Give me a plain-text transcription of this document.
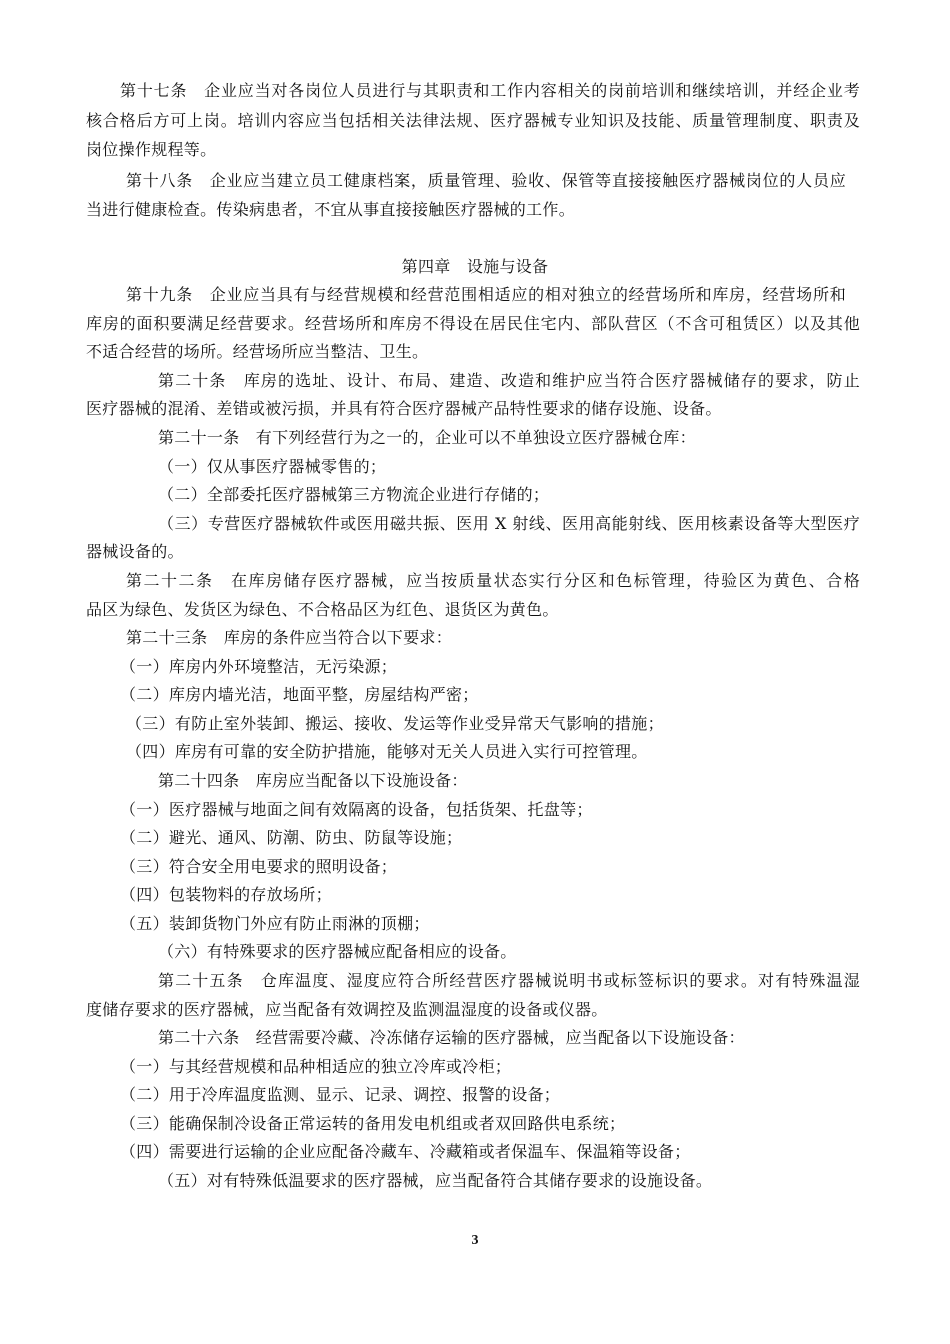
第十七条　企业应当对各岗位人员进行与其职责和工作内容相关的岗前培训和继续培训，并经企业考
核合格后方可上岗。培训内容应当包括相关法律法规、医疗器械专业知识及技能、质量管理制度、职责及
岗位操作规程等。
第十八条　企业应当建立员工健康档案，质量管理、验收、保管等直接接触医疗器械岗位的人员应
当进行健康检查。传染病患者，不宜从事直接接触医疗器械的工作。
第四章　设施与设备
第十九条　企业应当具有与经营规模和经营范围相适应的相对独立的经营场所和库房，经营场所和
库房的面积要满足经营要求。经营场所和库房不得设在居民住宅内、部队营区（不含可租赁区）以及其他
不适合经营的场所。经营场所应当整洁、卫生。
第二十条　库房的选址、设计、布局、建造、改造和维护应当符合医疗器械储存的要求，防止
医疗器械的混淆、差错或被污损，并具有符合医疗器械产品特性要求的储存设施、设备。
第二十一条　有下列经营行为之一的，企业可以不单独设立医疗器械仓库：
（一）仅从事医疗器械零售的；
（二）全部委托医疗器械第三方物流企业进行存储的；
（三）专营医疗器械软件或医用磁共振、医用 X 射线、医用高能射线、医用核素设备等大型医疗
器械设备的。
第二十二条　在库房储存医疗器械，应当按质量状态实行分区和色标管理，待验区为黄色、合格
品区为绿色、发货区为绿色、不合格品区为红色、退货区为黄色。
第二十三条　库房的条件应当符合以下要求：
（一）库房内外环境整洁，无污染源；
（二）库房内墙光洁，地面平整，房屋结构严密；
（三）有防止室外装卸、搬运、接收、发运等作业受异常天气影响的措施；
（四）库房有可靠的安全防护措施，能够对无关人员进入实行可控管理。
第二十四条　库房应当配备以下设施设备：
（一）医疗器械与地面之间有效隔离的设备，包括货架、托盘等；
（二）避光、通风、防潮、防虫、防鼠等设施；
（三）符合安全用电要求的照明设备；
（四）包装物料的存放场所；
（五）装卸货物门外应有防止雨淋的顶棚；
（六）有特殊要求的医疗器械应配备相应的设备。
第二十五条　仓库温度、湿度应符合所经营医疗器械说明书或标签标识的要求。对有特殊温湿
度储存要求的医疗器械，应当配备有效调控及监测温湿度的设备或仪器。
第二十六条　经营需要冷藏、冷冻储存运输的医疗器械，应当配备以下设施设备：
（一）与其经营规模和品种相适应的独立冷库或冷柜；
（二）用于冷库温度监测、显示、记录、调控、报警的设备；
（三）能确保制冷设备正常运转的备用发电机组或者双回路供电系统；
（四）需要进行运输的企业应配备冷藏车、冷藏箱或者保温车、保温箱等设备；
（五）对有特殊低温要求的医疗器械，应当配备符合其储存要求的设施设备。
3
